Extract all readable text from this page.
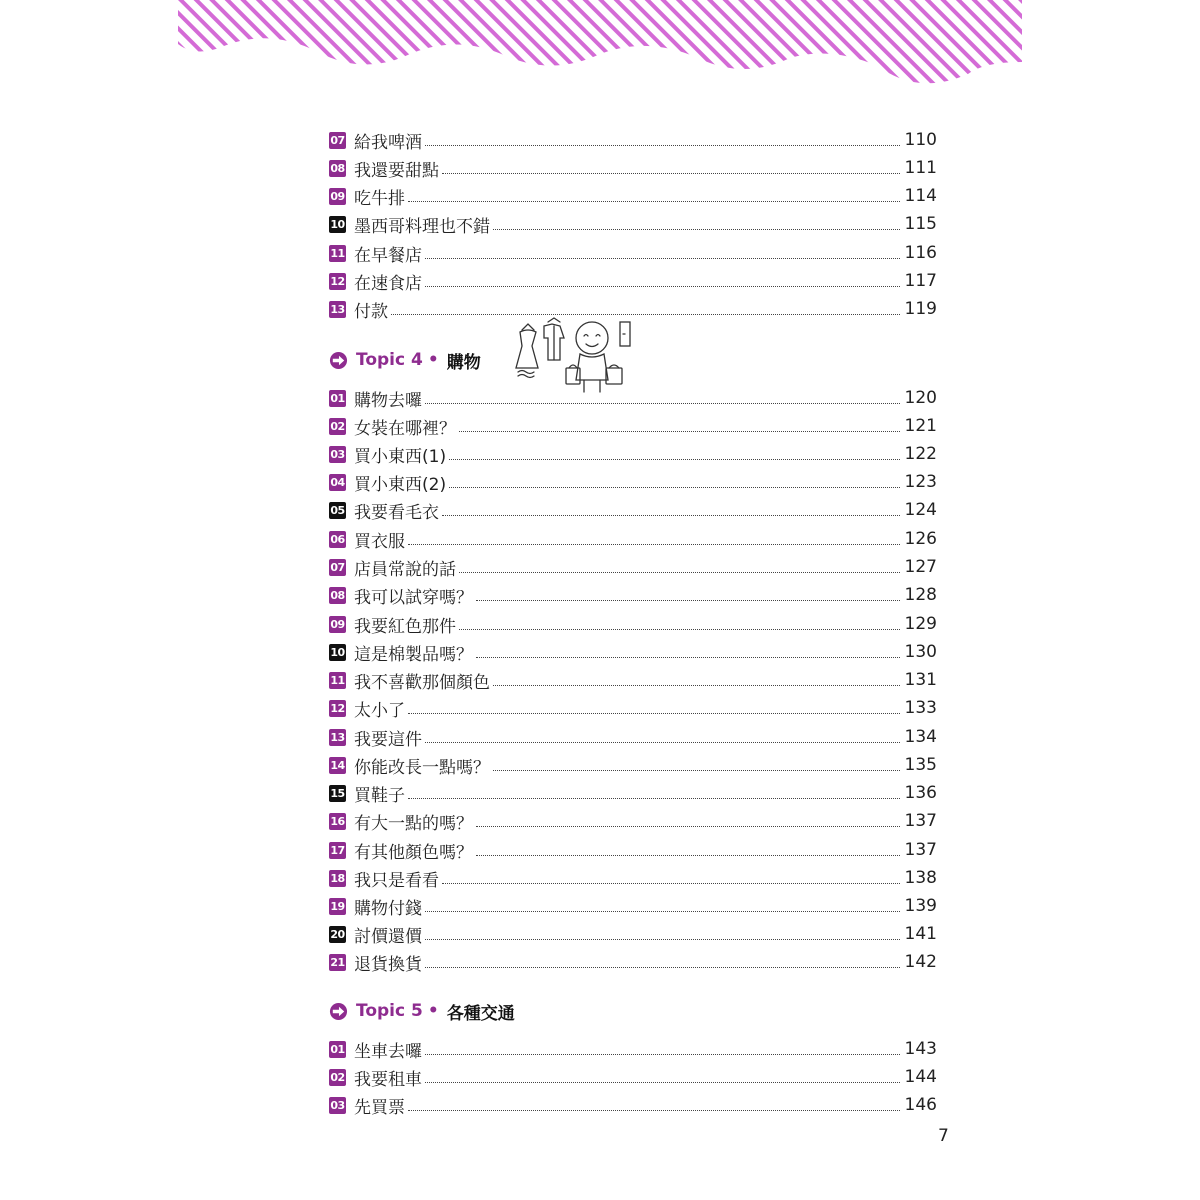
07 給我啤酒	110
08 我還要甜點	111
09 吃牛排	114
10 墨西哥料理也不錯	115
11 在早餐店	116
12 在速食店	117
13 付款	119
Topic 4 • 購物
01 購物去囉	120
02 女裝在哪裡？	121
03 買小東西(1)	122
04 買小東西(2)	123
05 我要看毛衣	124
06 買衣服	126
07 店員常說的話	127
08 我可以試穿嗎？	128
09 我要紅色那件	129
10 這是棉製品嗎？	130
11 我不喜歡那個顏色	131
12 太小了	133
13 我要這件	134
14 你能改長一點嗎？	135
15 買鞋子	136
16 有大一點的嗎？	137
17 有其他顏色嗎？	137
18 我只是看看	138
19 購物付錢	139
20 討價還價	141
21 退貨換貨	142
Topic 5 • 各種交通
01 坐車去囉	143
02 我要租車	144
03 先買票	146
7
